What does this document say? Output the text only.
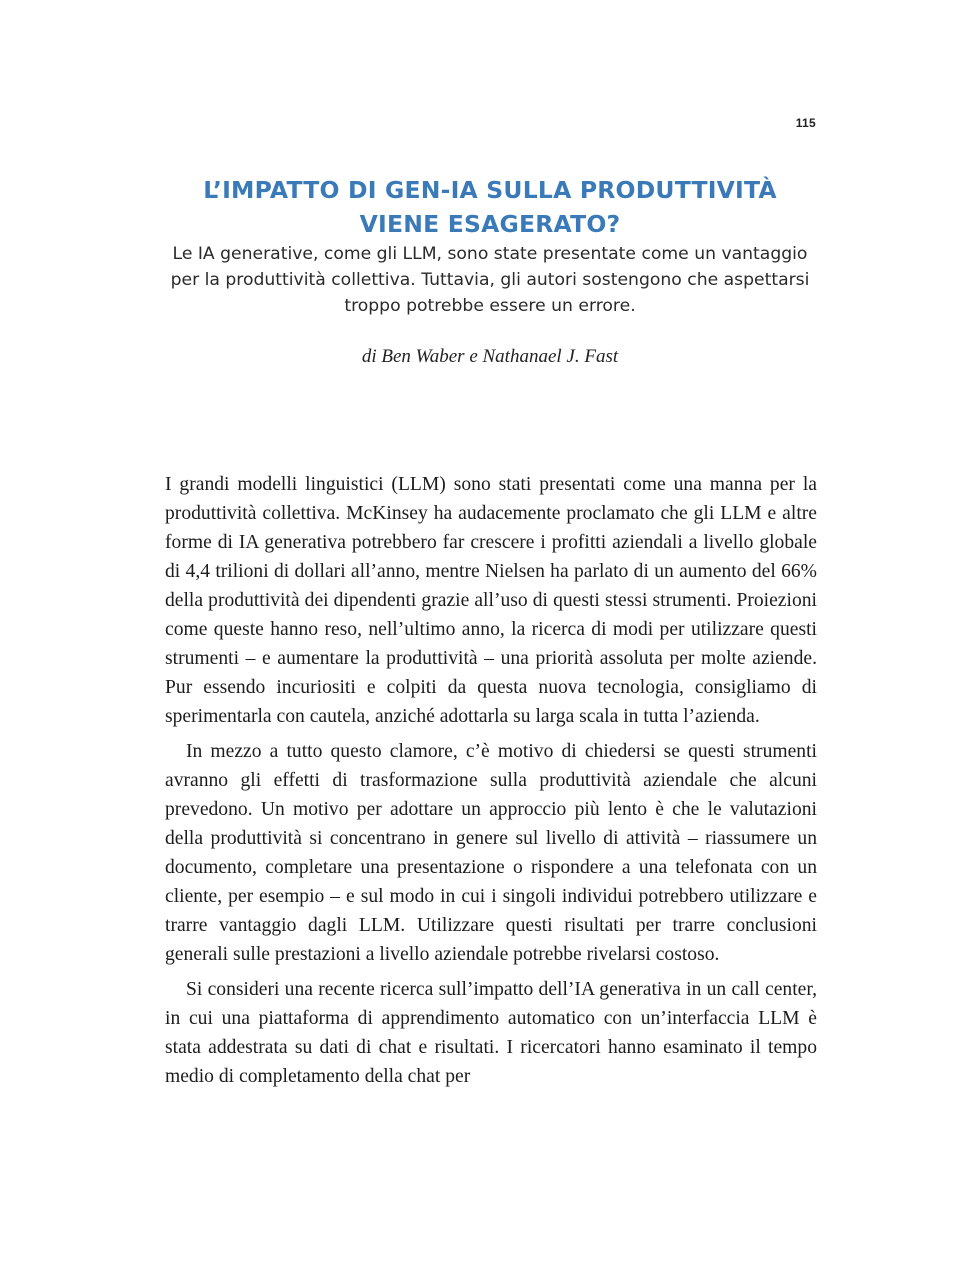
115
L’IMPATTO DI GEN-IA SULLA PRODUTTIVITÀ VIENE ESAGERATO?

Le IA generative, come gli LLM, sono state presentate come un vantaggio per la produttività collettiva. Tuttavia, gli autori sostengono che aspettarsi troppo potrebbe essere un errore.

di Ben Waber e Nathanael J. Fast

I grandi modelli linguistici (LLM) sono stati presentati come una manna per la produttività collettiva. McKinsey ha audacemente proclamato che gli LLM e altre forme di IA generativa potrebbero far crescere i profitti aziendali a livello globale di 4,4 trilioni di dollari all’anno, mentre Nielsen ha parlato di un aumento del 66% della produttività dei dipendenti grazie all’uso di questi stessi strumenti. Proiezioni come queste hanno reso, nell’ultimo anno, la ricerca di modi per utilizzare questi strumenti – e aumentare la produttività – una priorità assoluta per molte aziende. Pur essendo incuriositi e colpiti da questa nuova tecnologia, consigliamo di sperimentarla con cautela, anziché adottarla su larga scala in tutta l’azienda.

In mezzo a tutto questo clamore, c’è motivo di chiedersi se questi strumenti avranno gli effetti di trasformazione sulla produttività aziendale che alcuni prevedono. Un motivo per adottare un approccio più lento è che le valutazioni della produttività si concentrano in genere sul livello di attività – riassumere un documento, completare una presentazione o rispondere a una telefonata con un cliente, per esempio – e sul modo in cui i singoli individui potrebbero utilizzare e trarre vantaggio dagli LLM. Utilizzare questi risultati per trarre conclusioni generali sulle prestazioni a livello aziendale potrebbe rivelarsi costoso.

Si consideri una recente ricerca sull’impatto dell’IA generativa in un call center, in cui una piattaforma di apprendimento automatico con un’interfaccia LLM è stata addestrata su dati di chat e risultati. I ricercatori hanno esaminato il tempo medio di completamento della chat per
